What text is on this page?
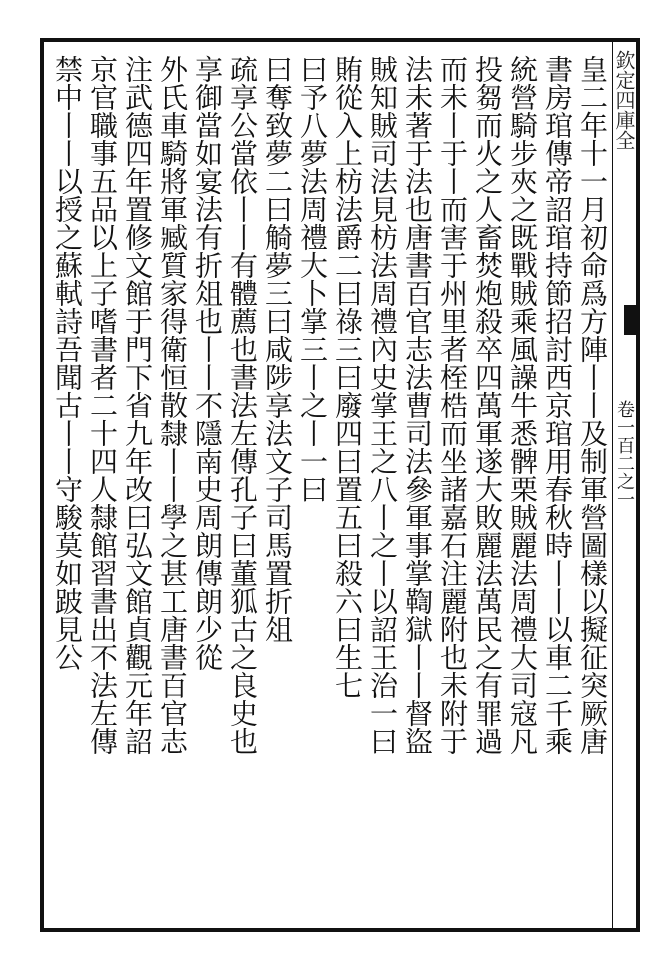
欽定四庫全
卷一百二之一
皇二年十一月初命爲方陣丨丨及制軍營圖樣以擬征突厥唐
書房琯傳帝詔琯持節招討西京琯用春秋時丨丨以車二千乘
統營騎步夾之既戰賊乘風譟牛悉髀栗賊麗法周禮大司寇凡
投芻而火之人畜焚炮殺卒四萬軍遂大敗麗法萬民之有罪過
而未丨于丨而害于州里者桎梏而坐諸嘉石注麗附也未附于
法未著于法也唐書百官志法曹司法參軍事掌鞫獄丨丨督盜
賊知賊司法見枋法周禮內史掌王之八丨之丨以詔王治一曰
賄從入上枋法爵二曰祿三曰廢四曰置五曰殺六曰生七
曰予八夢法周禮大卜掌三丨之丨一曰
曰奪致夢二曰觭夢三曰咸陟享法文子司馬置折俎
疏享公當依丨丨有體薦也書法左傳孔子曰董狐古之良史也
享御當如宴法有折俎也丨丨不隱南史周朗傳朗少從
外氏車騎將軍臧質家得衛恒散隸丨丨學之甚工唐書百官志
注武德四年置修文館于門下省九年改曰弘文館貞觀元年詔
京官職事五品以上子嗜書者二十四人隸館習書出不法左傳
禁中丨丨以授之蘇軾詩吾聞古丨丨守駿莫如跛見公
